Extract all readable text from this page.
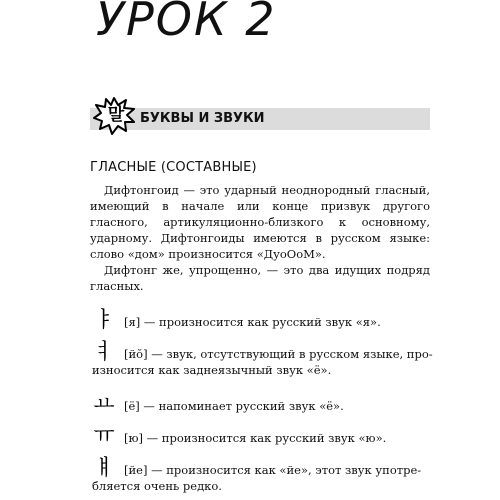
УРОК 2
말 БУКВЫ И ЗВУКИ
ГЛАСНЫЕ (СОСТАВНЫЕ)

Дифтонгоид — это ударный неоднородный гласный, имеющий в начале или конце призвук другого гласного, артикуляционно-близкого к основному, ударному. Дифтонгоиды имеются в русском языке: слово «дом» произносится «ДуоОоМ».

Дифтонг же, упрощенно, — это два идущих подряд гласных.

ㅑ [я] — произносится как русский звук «я».
ㅕ [йо̆] — звук, отсутствующий в русском языке, про-
износится как заднеязычный звук «ё».
ㅛ [ё] — напоминает русский звук «ё».
ㅠ [ю] — произносится как русский звук «ю».
ㅒ [йе] — произносится как «йе», этот звук употре-
бляется очень редко.
